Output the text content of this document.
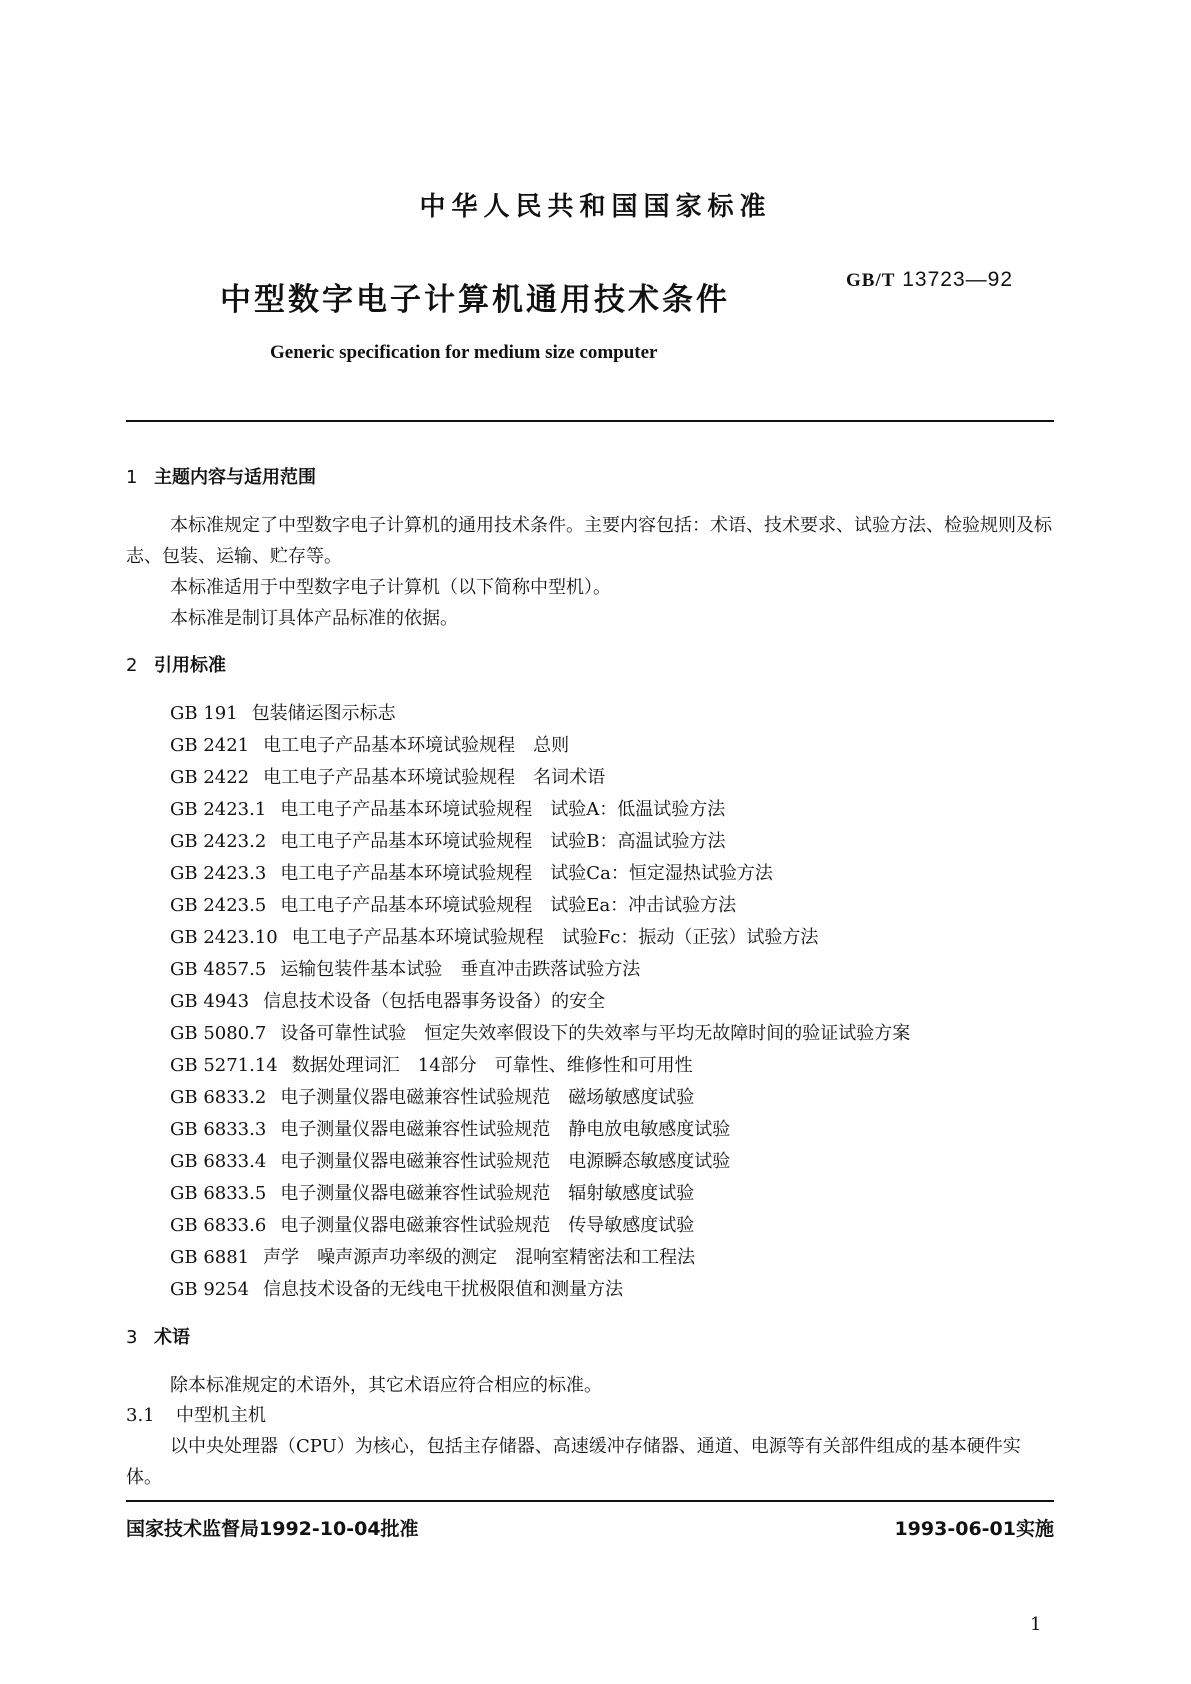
中华人民共和国国家标准
中型数字电子计算机通用技术条件
GB/T 13723—92
Generic specification for medium size computer
1 主题内容与适用范围

本标准规定了中型数字电子计算机的通用技术条件。主要内容包括：术语、技术要求、试验方法、检验规则及标志、包装、运输、贮存等。

本标准适用于中型数字电子计算机（以下简称中型机）。

本标准是制订具体产品标准的依据。

2 引用标准
GB 191 包装储运图示标志
GB 2421 电工电子产品基本环境试验规程　总则
GB 2422 电工电子产品基本环境试验规程　名词术语
GB 2423.1 电工电子产品基本环境试验规程　试验A：低温试验方法
GB 2423.2 电工电子产品基本环境试验规程　试验B：高温试验方法
GB 2423.3 电工电子产品基本环境试验规程　试验Ca：恒定湿热试验方法
GB 2423.5 电工电子产品基本环境试验规程　试验Ea：冲击试验方法
GB 2423.10 电工电子产品基本环境试验规程　试验Fc：振动（正弦）试验方法
GB 4857.5 运输包装件基本试验　垂直冲击跌落试验方法
GB 4943 信息技术设备（包括电器事务设备）的安全
GB 5080.7 设备可靠性试验　恒定失效率假设下的失效率与平均无故障时间的验证试验方案
GB 5271.14 数据处理词汇　14部分　可靠性、维修性和可用性
GB 6833.2 电子测量仪器电磁兼容性试验规范　磁场敏感度试验
GB 6833.3 电子测量仪器电磁兼容性试验规范　静电放电敏感度试验
GB 6833.4 电子测量仪器电磁兼容性试验规范　电源瞬态敏感度试验
GB 6833.5 电子测量仪器电磁兼容性试验规范　辐射敏感度试验
GB 6833.6 电子测量仪器电磁兼容性试验规范　传导敏感度试验
GB 6881 声学　噪声源声功率级的测定　混响室精密法和工程法
GB 9254 信息技术设备的无线电干扰极限值和测量方法
3 术语

除本标准规定的术语外，其它术语应符合相应的标准。

3.1 中型机主机

以中央处理器（CPU）为核心，包括主存储器、高速缓冲存储器、通道、电源等有关部件组成的基本硬件实体。

国家技术监督局1992-10-04批准	1993-06-01实施
1
